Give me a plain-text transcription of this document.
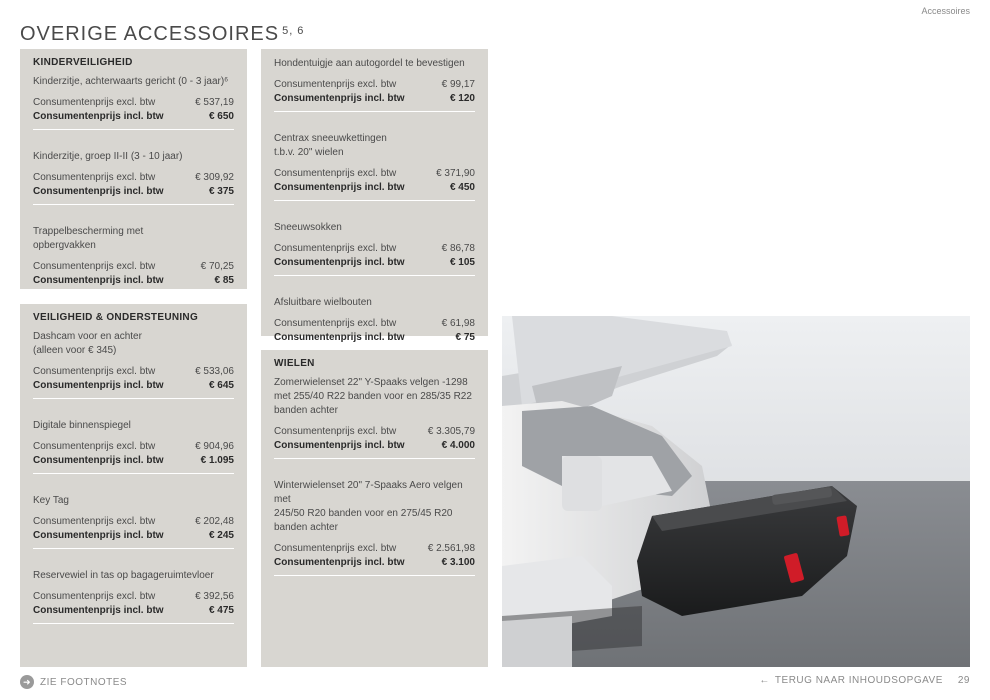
Accessoires
OVERIGE ACCESSOIRES $^{5, 6}$
KINDERVEILIGHEID
Kinderzitje, achterwaarts gericht (0 - 3 jaar)⁶
Consumentenprijs excl. btw	€ 537,19
Consumentenprijs incl. btw	€ 650
Kinderzitje, groep II-II (3 - 10 jaar)
Consumentenprijs excl. btw	€ 309,92
Consumentenprijs incl. btw	€ 375
Trappelbescherming met
opbergvakken
Consumentenprijs excl. btw	€ 70,25
Consumentenprijs incl. btw	€ 85
VEILIGHEID & ONDERSTEUNING
Dashcam voor en achter
(alleen voor € 345)
Consumentenprijs excl. btw	€ 533,06
Consumentenprijs incl. btw	€ 645
Digitale binnenspiegel
Consumentenprijs excl. btw	€ 904,96
Consumentenprijs incl. btw	€ 1.095
Key Tag
Consumentenprijs excl. btw	€ 202,48
Consumentenprijs incl. btw	€ 245
Reservewiel in tas op bagageruimtevloer
Consumentenprijs excl. btw	€ 392,56
Consumentenprijs incl. btw	€ 475
Hondentuigje aan autogordel te bevestigen
Consumentenprijs excl. btw	€ 99,17
Consumentenprijs incl. btw	€ 120
Centrax sneeuwkettingen
t.b.v. 20" wielen
Consumentenprijs excl. btw	€ 371,90
Consumentenprijs incl. btw	€ 450
Sneeuwsokken
Consumentenprijs excl. btw	€ 86,78
Consumentenprijs incl. btw	€ 105
Afsluitbare wielbouten
Consumentenprijs excl. btw	€ 61,98
Consumentenprijs incl. btw	€ 75
WIELEN
Zomerwielenset 22" Y-Spaaks velgen -1298
met 255/40 R22 banden voor en 285/35 R22
banden achter
Consumentenprijs excl. btw	€ 3.305,79
Consumentenprijs incl. btw	€ 4.000
Winterwielenset 20" 7-Spaaks Aero velgen met
245/50 R20 banden voor en 275/45 R20
banden achter
Consumentenprijs excl. btw	€ 2.561,98
Consumentenprijs incl. btw	€ 3.100
➜ ZIE FOOTNOTES	← TERUG NAAR INHOUDSOPGAVE 29
